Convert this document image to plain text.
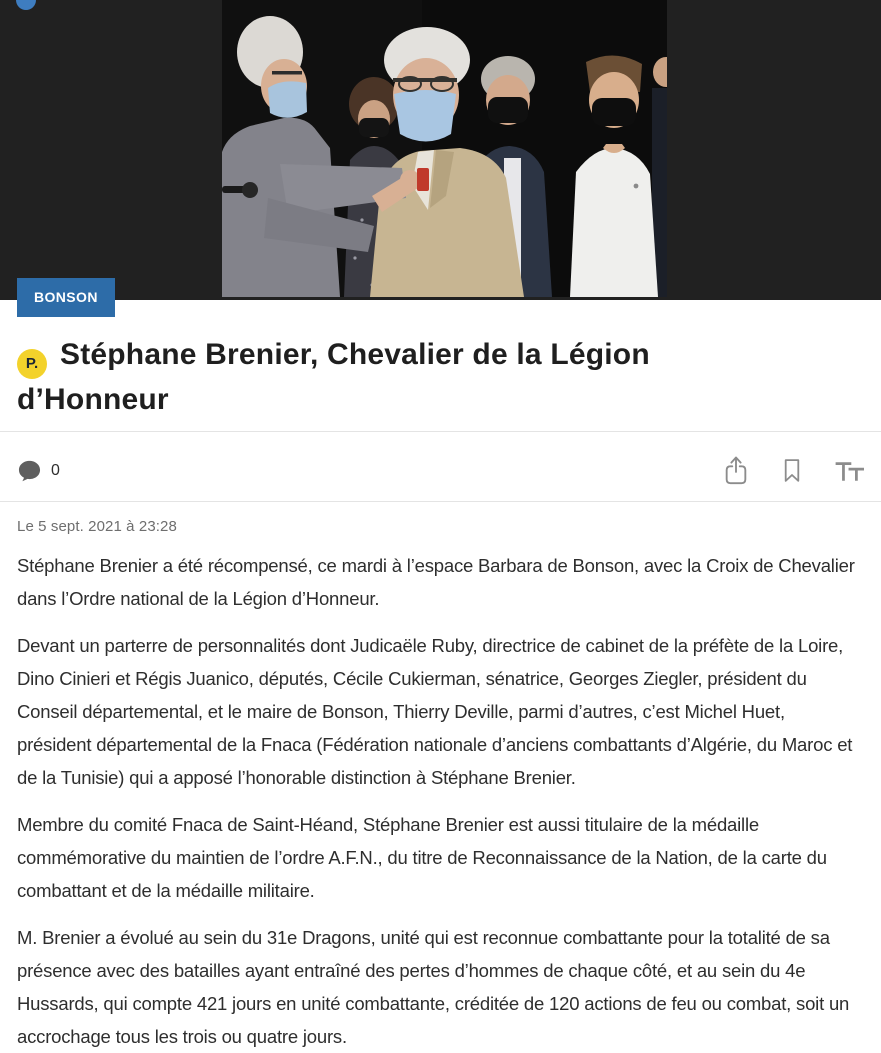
BONSON
P. Stéphane Brenier, Chevalier de la Légion
d’Honneur
0
Le 5 sept. 2021 à 23:28

Stéphane Brenier a été récompensé, ce mardi à l’espace Barbara de Bonson, avec la Croix de Chevalier dans l’Ordre national de la Légion d’Honneur.

Devant un parterre de personnalités dont Judicaële Ruby, directrice de cabinet de la préfète de la Loire, Dino Cinieri et Régis Juanico, députés, Cécile Cukierman, sénatrice, Georges Ziegler, président du Conseil départemental, et le maire de Bonson, Thierry Deville, parmi d’autres, c’est Michel Huet, président départemental de la Fnaca (Fédération nationale d’anciens combattants d’Algérie, du Maroc et de la Tunisie) qui a apposé l’honorable distinction à Stéphane Brenier.

Membre du comité Fnaca de Saint-Héand, Stéphane Brenier est aussi titulaire de la médaille commémorative du maintien de l’ordre A.F.N., du titre de Reconnaissance de la Nation, de la carte du combattant et de la médaille militaire.

M. Brenier a évolué au sein du 31e Dragons, unité qui est reconnue combattante pour la totalité de sa présence avec des batailles ayant entraîné des pertes d’hommes de chaque côté, et au sein du 4e Hussards, qui compte 421 jours en unité combattante, créditée de 120 actions de feu ou combat, soit un accrochage tous les trois ou quatre jours.
